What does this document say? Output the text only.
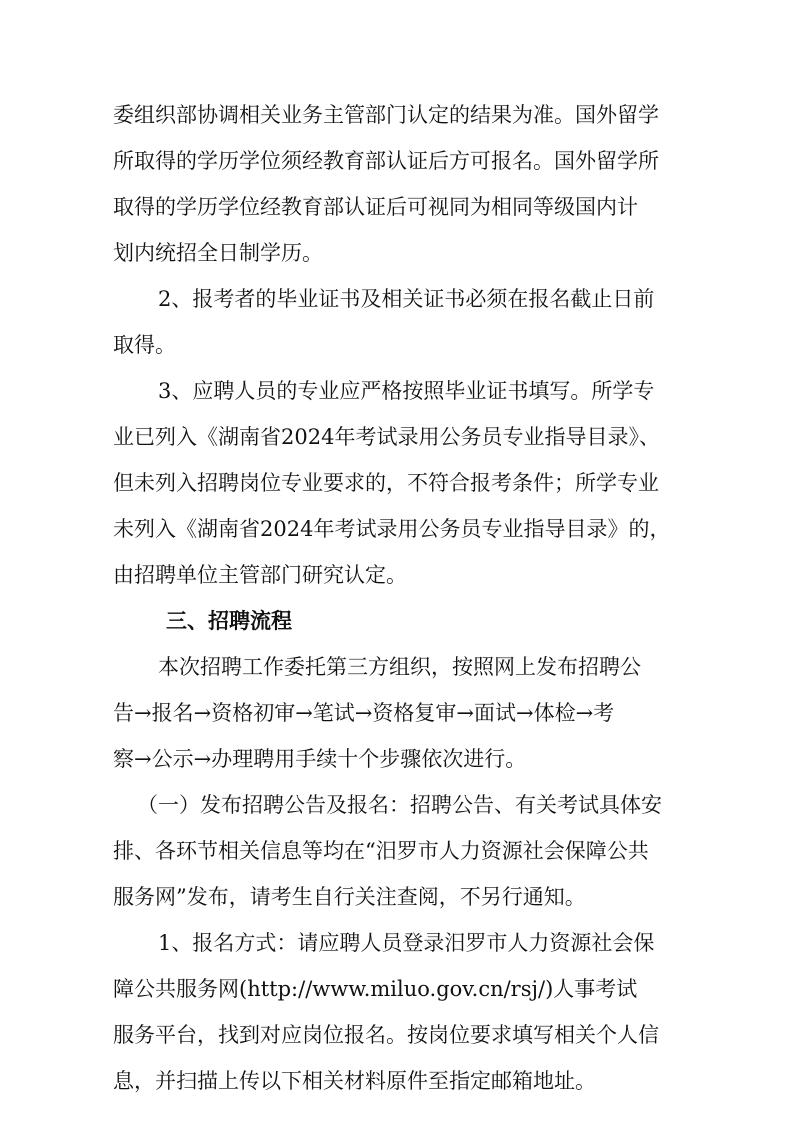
委组织部协调相关业务主管部门认定的结果为准。国外留学
所取得的学历学位须经教育部认证后方可报名。国外留学所
取得的学历学位经教育部认证后可视同为相同等级国内计
划内统招全日制学历。
2、报考者的毕业证书及相关证书必须在报名截止日前
取得。
3、应聘人员的专业应严格按照毕业证书填写。所学专
业已列入《湖南省2024年考试录用公务员专业指导目录》、
但未列入招聘岗位专业要求的，不符合报考条件；所学专业
未列入《湖南省2024年考试录用公务员专业指导目录》的，
由招聘单位主管部门研究认定。
三、招聘流程
本次招聘工作委托第三方组织，按照网上发布招聘公
告→报名→资格初审→笔试→资格复审→面试→体检→考
察→公示→办理聘用手续十个步骤依次进行。
（一）发布招聘公告及报名：招聘公告、有关考试具体安
排、各环节相关信息等均在“汨罗市人力资源社会保障公共
服务网”发布，请考生自行关注查阅，不另行通知。
1、报名方式：请应聘人员登录汨罗市人力资源社会保
障公共服务网(http://www.miluo.gov.cn/rsj/)人事考试
服务平台，找到对应岗位报名。按岗位要求填写相关个人信
息，并扫描上传以下相关材料原件至指定邮箱地址。
